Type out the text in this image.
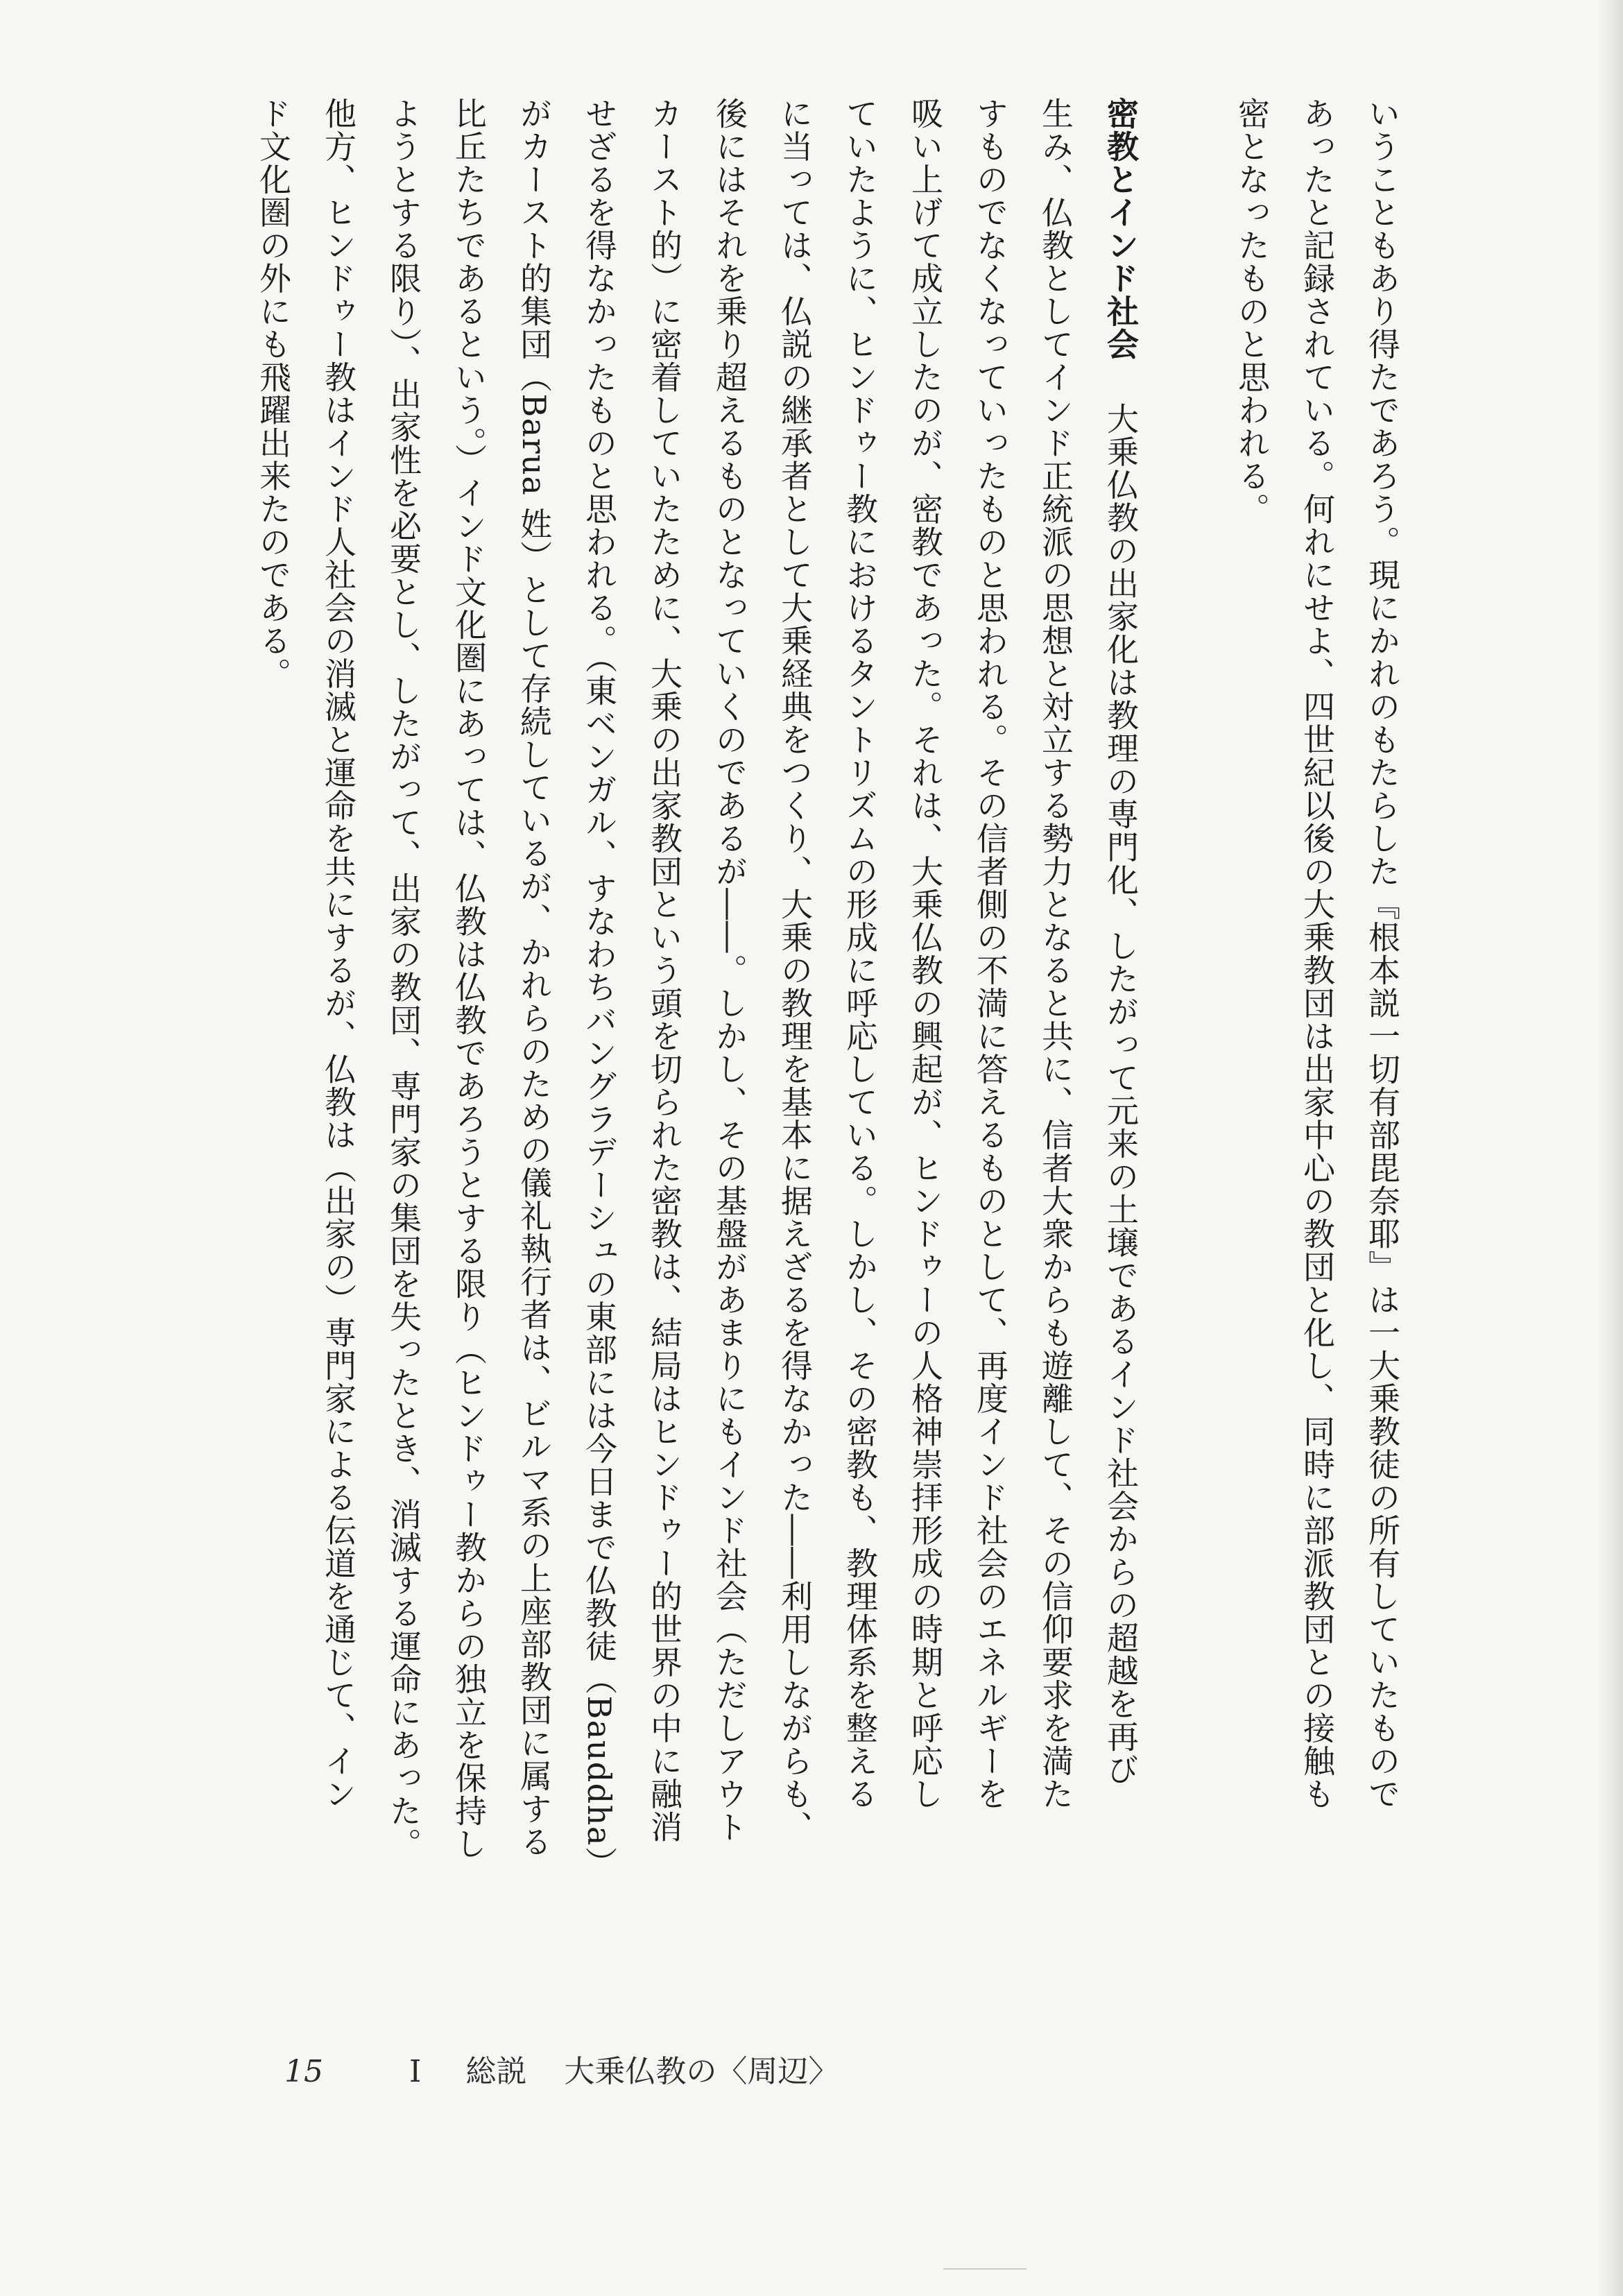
いうこともあり得たであろう。現にかれのもたらした『根本説一切有部毘奈耶』は一大乗教徒の所有していたもので
あったと記録されている。何れにせよ、四世紀以後の大乗教団は出家中心の教団と化し、同時に部派教団との接触も
密となったものと思われる。
密教とインド社会大乗仏教の出家化は教理の専門化、したがって元来の土壌であるインド社会からの超越を再び
生み、仏教としてインド正統派の思想と対立する勢力となると共に、信者大衆からも遊離して、その信仰要求を満た
すものでなくなっていったものと思われる。その信者側の不満に答えるものとして、再度インド社会のエネルギーを
吸い上げて成立したのが、密教であった。それは、大乗仏教の興起が、ヒンドゥーの人格神崇拝形成の時期と呼応し
ていたように、ヒンドゥー教におけるタントリズムの形成に呼応している。しかし、その密教も、教理体系を整える
に当っては、仏説の継承者として大乗経典をつくり、大乗の教理を基本に据えざるを得なかった――利用しながらも、
後にはそれを乗り超えるものとなっていくのであるが――。しかし、その基盤があまりにもインド社会（ただしアウト
カースト的）に密着していたために、大乗の出家教団という頭を切られた密教は、結局はヒンドゥー的世界の中に融消
せざるを得なかったものと思われる。（東ベンガル、すなわちバングラデーシュの東部には今日まで仏教徒（Bauddha）
がカースト的集団（Barua 姓）として存続しているが、かれらのための儀礼執行者は、ビルマ系の上座部教団に属する
比丘たちであるという。）インド文化圏にあっては、仏教は仏教であろうとする限り（ヒンドゥー教からの独立を保持し
ようとする限り）、出家性を必要とし、したがって、出家の教団、専門家の集団を失ったとき、消滅する運命にあった。
他方、ヒンドゥー教はインド人社会の消滅と運命を共にするが、仏教は（出家の）専門家による伝道を通じて、イン
ド文化圏の外にも飛躍出来たのである。
15	I 総説 大乗仏教の〈周辺〉
